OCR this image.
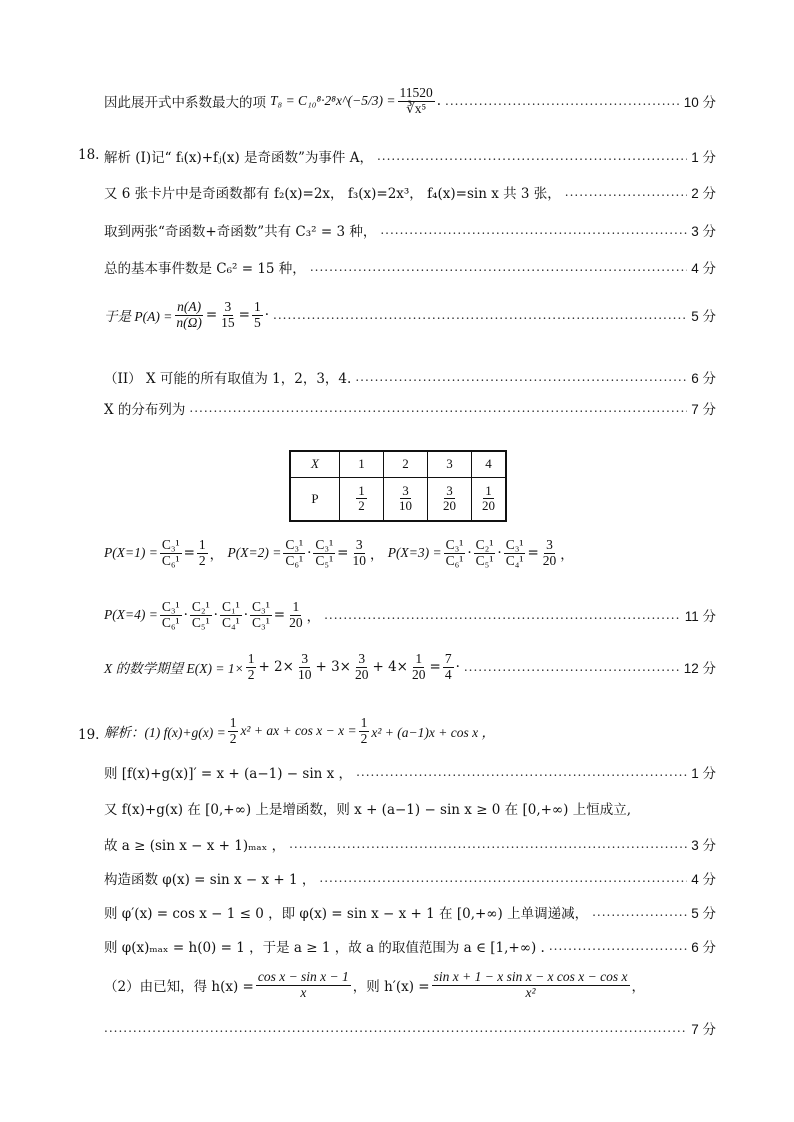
因此展开式中系数最大的项 T₈ = C₁₀⁸·2⁸x^(−5/3) = $\frac{11520}{\text{∛x⁵}}$ . .....	10 分
18. 解析 (I)记“ fᵢ(x)+fⱼ(x) 是奇函数”为事件 A， .....	1 分
又 6 张卡片中是奇函数都有 f₂(x)=2x， f₃(x)=2x³， f₄(x)=sin x 共 3 张， .....	2 分
取到两张“奇函数+奇函数”共有 C₃² = 3 种， .....	3 分
总的基本事件数是 C₆² = 15 种， .....	4 分
于是 $P(A) = \frac{n(A)}{n(\Omega)} = \frac{3}{15} = \frac{1}{5}$ · .....	5 分
（II） X 可能的所有取值为 1，2，3，4. .....	6 分
X 的分布列为 .....	7 分
X	1	2	3	4
P	$\frac{1}{2}$	$\frac{3}{10}$	$\frac{3}{20}$	$\frac{1}{20}$
$P(X=1) = \frac{\text{C₃¹}}{\text{C₆¹}} = \frac{1}{2}$ ， $P(X=2) = \frac{\text{C₃¹}}{\text{C₆¹}} \cdot \frac{\text{C₃¹}}{\text{C₅¹}} = \frac{3}{10}$ ， $P(X=3) = \frac{\text{C₃¹}}{\text{C₆¹}} \cdot \frac{\text{C₂¹}}{\text{C₅¹}} \cdot \frac{\text{C₃¹}}{\text{C₄¹}} = \frac{3}{20}$ ，
$P(X=4) = \frac{\text{C₃¹}}{\text{C₆¹}} \cdot \frac{\text{C₂¹}}{\text{C₅¹}} \cdot \frac{\text{C₁¹}}{\text{C₄¹}} \cdot \frac{\text{C₃¹}}{\text{C₃¹}} = \frac{1}{20}$ ， .....	11 分
X 的数学期望 $E(X) = 1\times \frac{1}{2} + 2\times \frac{3}{10} + 3\times \frac{3}{20} + 4\times \frac{1}{20} = \frac{7}{4}$ · .....	12 分
19. 解析：(1) $f(x)+g(x) = \frac{1}{2} x^2$ + ax + $\cos x - x = \frac{1}{2} x^2 + (a-1)x + \cos x$ ，
则 [f(x)+g(x)]′ = x + (a−1) − sin x ， .....	1 分
又 f(x)+g(x) 在 [0,+∞) 上是增函数，则 x + (a−1) − sin x ≥ 0 在 [0,+∞) 上恒成立,
故 a ≥ (sin x − x + 1)ₘₐₓ ， .....	3 分
构造函数 φ(x) = sin x − x + 1 ， .....	4 分
则 φ′(x) = cos x − 1 ≤ 0 ，即 φ(x) = sin x − x + 1 在 [0,+∞) 上单调递减， .....	5 分
则 φ(x)ₘₐₓ = h(0) = 1 ，于是 a ≥ 1 ，故 a 的取值范围为 a ∈ [1,+∞) . .....	6 分
（2）由已知，得 $h(x) = \frac{\text{cos x − sin x − 1}}{x}$ ，则 $h'(x) = \frac{\text{sin x + 1 − x sin x − x cos x − cos x}}{\text{x²}}$ ，
.....
7 分
